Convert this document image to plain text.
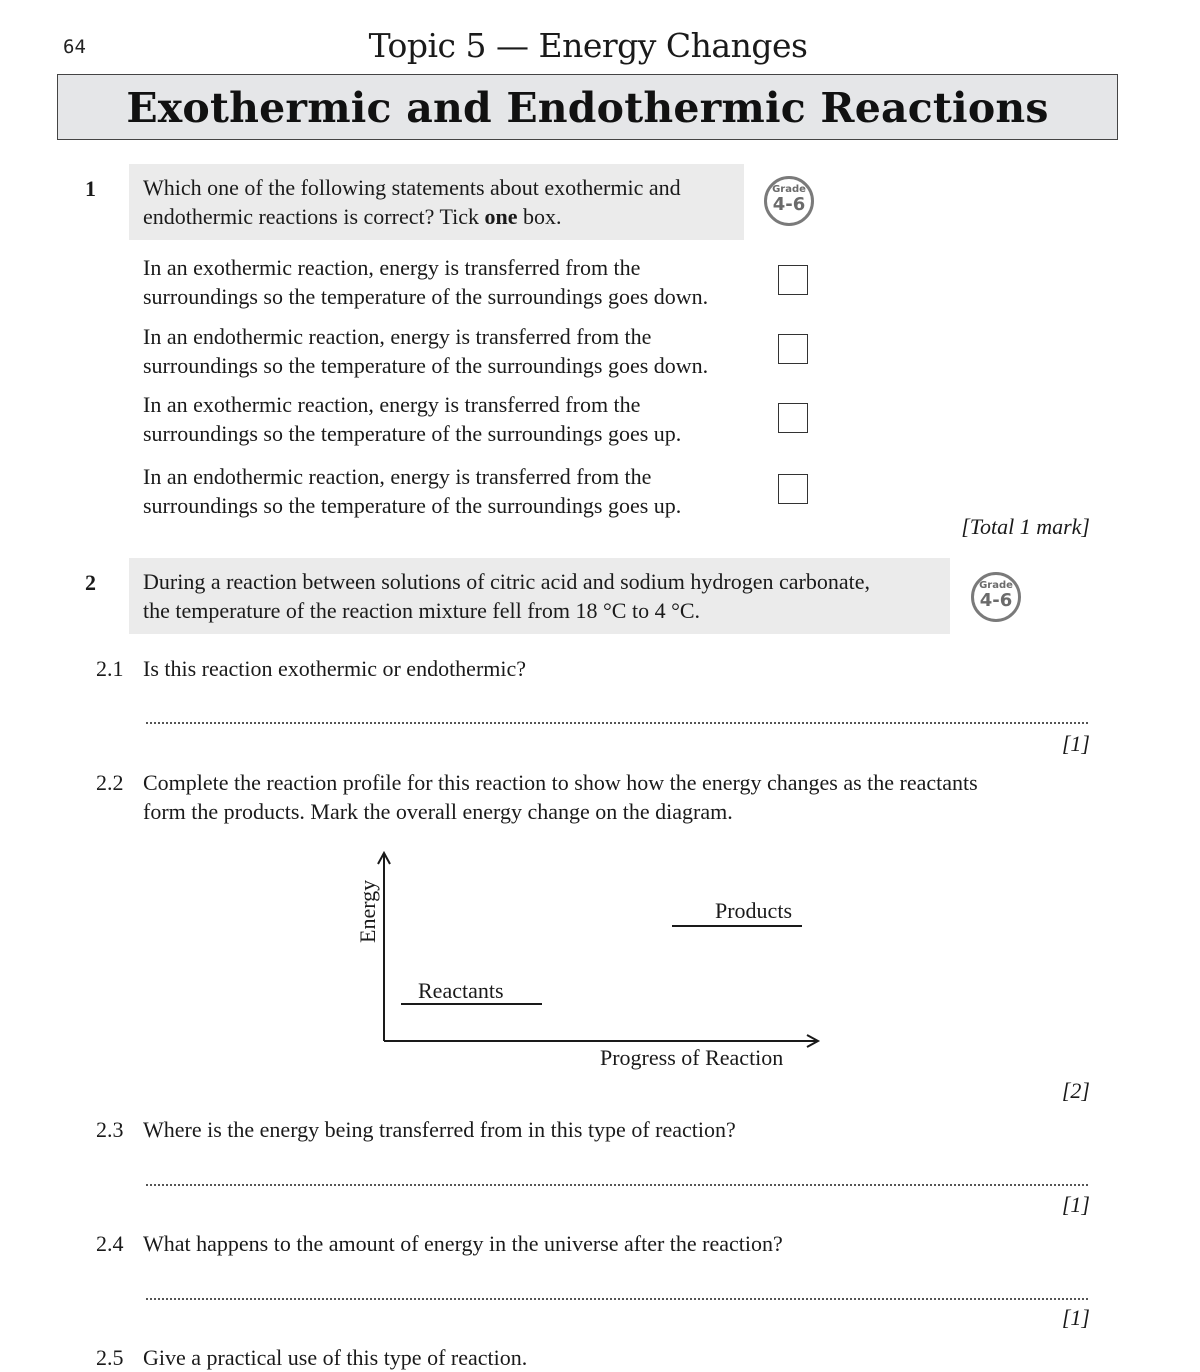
64	Topic 5 — Energy Changes
Exothermic and Endothermic Reactions
1 Which one of the following statements about exothermic and
endothermic reactions is correct? Tick one box.
Grade
4-6
In an exothermic reaction, energy is transferred from the
surroundings so the temperature of the surroundings goes down.
In an endothermic reaction, energy is transferred from the
surroundings so the temperature of the surroundings goes down.
In an exothermic reaction, energy is transferred from the
surroundings so the temperature of the surroundings goes up.
In an endothermic reaction, energy is transferred from the
surroundings so the temperature of the surroundings goes up.
[Total 1 mark]
2 During a reaction between solutions of citric acid and sodium hydrogen carbonate,
the temperature of the reaction mixture fell from 18 °C to 4 °C.
Grade
4-6
2.1 Is this reaction exothermic or endothermic?
[1]
2.2 Complete the reaction profile for this reaction to show how the energy changes as the reactants
form the products. Mark the overall energy change on the diagram.
Energy
Reactants
Products
Progress of Reaction
[2]
2.3 Where is the energy being transferred from in this type of reaction?
[1]
2.4 What happens to the amount of energy in the universe after the reaction?
[1]
2.5 Give a practical use of this type of reaction.
